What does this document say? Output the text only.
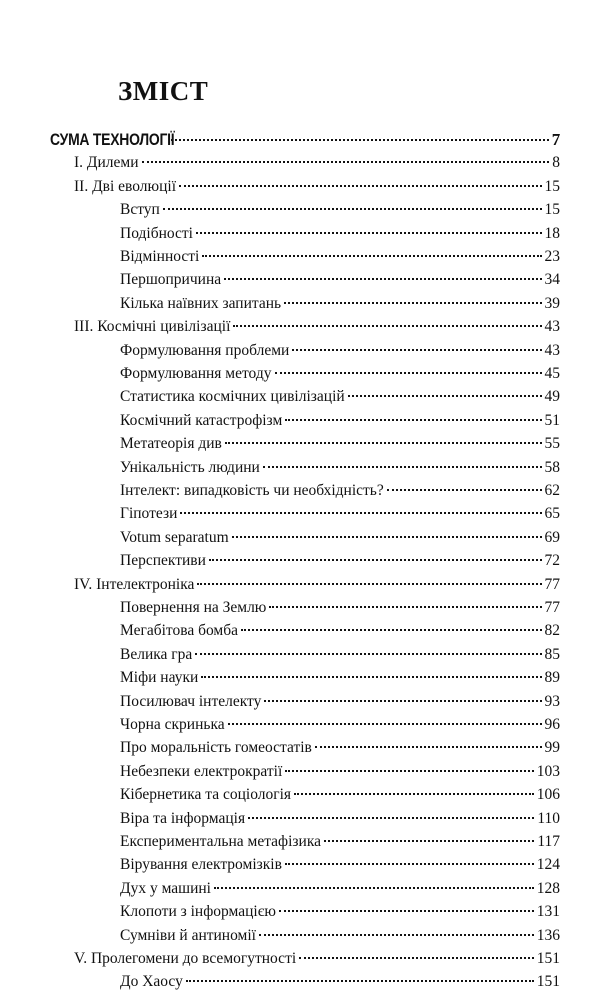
ЗМІСТ
СУМА ТЕХНОЛОГІЇ	7
I. Дилеми	8
II. Дві еволюції	15
Вступ	15
Подібності	18
Відмінності	23
Першопричина	34
Кілька наївних запитань	39
III. Космічні цивілізації	43
Формулювання проблеми	43
Формулювання методу	45
Статистика космічних цивілізацій	49
Космічний катастрофізм	51
Метатеорія див	55
Унікальність людини	58
Інтелект: випадковість чи необхідність?	62
Гіпотези	65
Votum separatum	69
Перспективи	72
IV. Інтелектроніка	77
Повернення на Землю	77
Мегабітова бомба	82
Велика гра	85
Міфи науки	89
Посилювач інтелекту	93
Чорна скринька	96
Про моральність гомеостатів	99
Небезпеки електрократії	103
Кібернетика та соціологія	106
Віра та інформація	110
Експериментальна метафізика	117
Вірування електромізків	124
Дух у машині	128
Клопоти з інформацією	131
Сумніви й антиномії	136
V. Пролегомени до всемогутності	151
До Хаосу	151
